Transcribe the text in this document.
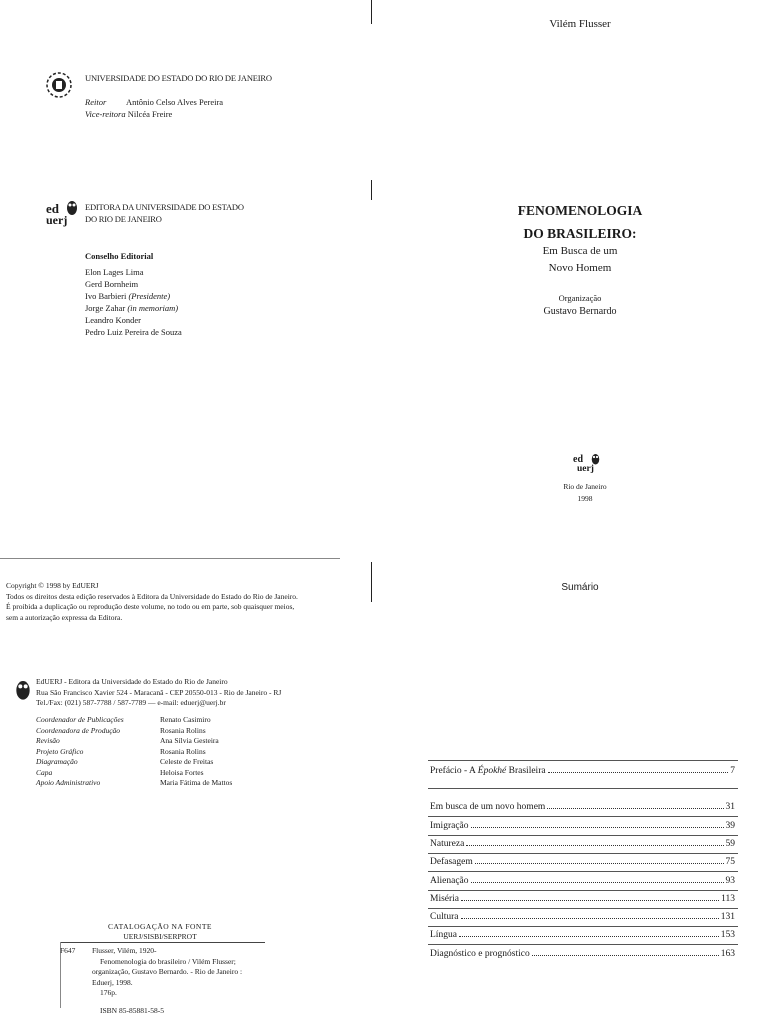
UNIVERSIDADE DO ESTADO DO RIO DE JANEIRO
Reitor Antônio Celso Alves Pereira
Vice-reitora Nilcéa Freire
ed
uerj
EDITORA DA UNIVERSIDADE DO ESTADO
DO RIO DE JANEIRO
Conselho Editorial
Elon Lages Lima
Gerd Bornheim
Ivo Barbieri (Presidente)
Jorge Zahar (in memoriam)
Leandro Konder
Pedro Luiz Pereira de Souza
Vilém Flusser
FENOMENOLOGIA
DO BRASILEIRO:
Em Busca de um
Novo Homem
Organização
Gustavo Bernardo
ed
uerj
Rio de Janeiro
1998
Copyright © 1998 by EdUERJ
Todos os direitos desta edição reservados à Editora da Universidade do Estado do Rio de Janeiro.
É proibida a duplicação ou reprodução deste volume, no todo ou em parte, sob quaisquer meios,
sem a autorização expressa da Editora.
EdUERJ - Editora da Universidade do Estado do Rio de Janeiro
Rua São Francisco Xavier 524 - Maracanã - CEP 20550-013 - Rio de Janeiro - RJ
Tel./Fax: (021) 587-7788 / 587-7789 — e-mail: eduerj@uerj.br
Coordenador de Publicações	Renato Casimiro
Coordenadora de Produção	Rosania Rolins
Revisão	Ana Sílvia Gesteira
Projeto Gráfico	Rosania Rolins
Diagramação	Celeste de Freitas
Capa	Heloisa Fortes
Apoio Administrativo	Maria Fátima de Mattos
CATALOGAÇÃO NA FONTE
UERJ/SISBI/SERPROT
F647 Flusser, Vilém, 1920-
Fenomenologia do brasileiro / Vilém Flusser;
organização, Gustavo Bernardo. - Rio de Janeiro :
Eduerj, 1998.
176p.
ISBN 85-85881-58-5
Sumário
Prefácio - A Épokhé Brasileira	7
Em busca de um novo homem	31
Imigração	39
Natureza	59
Defasagem	75
Alienação	93
Miséria	113
Cultura	131
Língua	153
Diagnóstico e prognóstico	163
